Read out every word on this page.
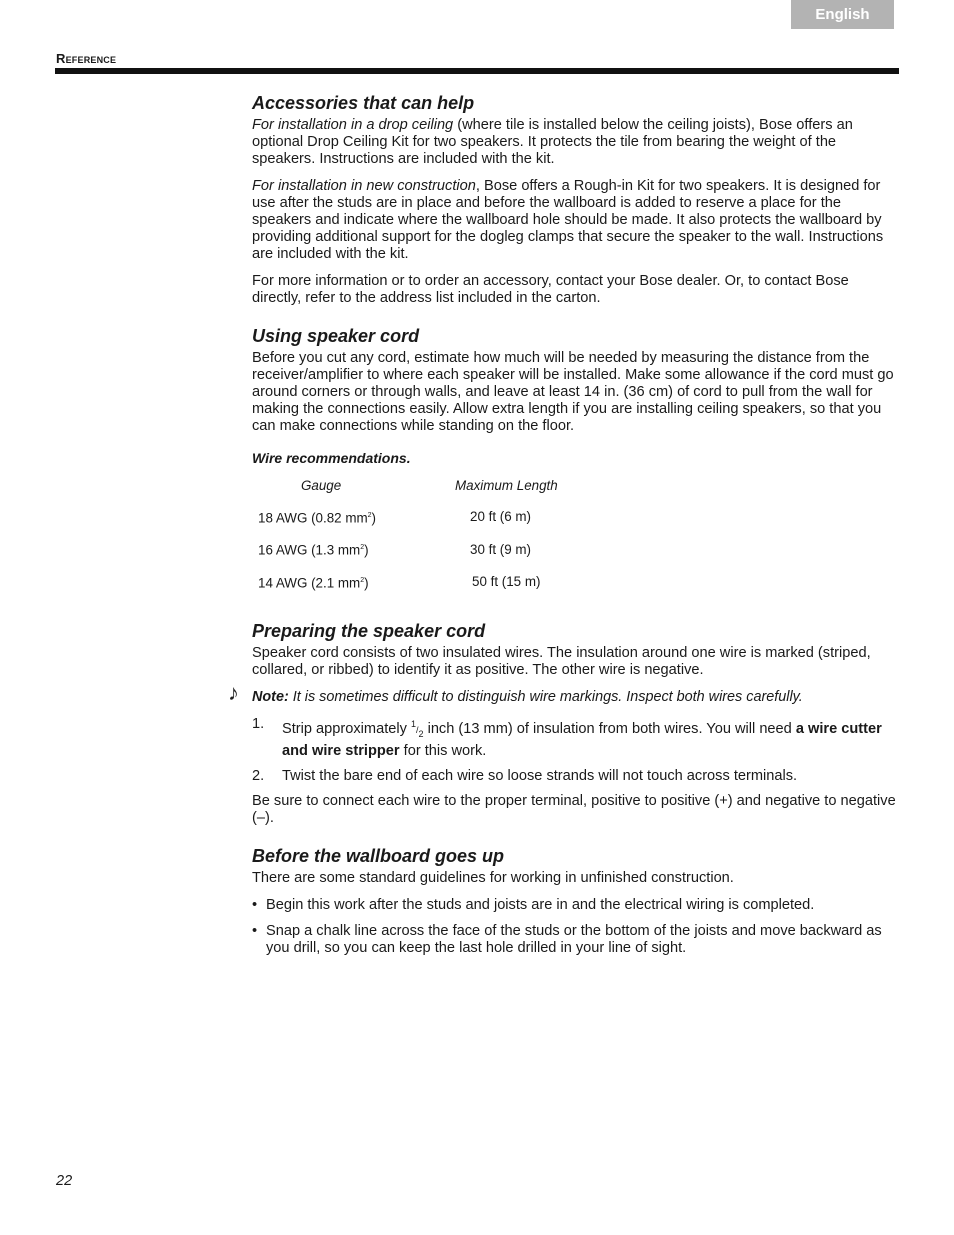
English
Reference
Accessories that can help

For installation in a drop ceiling (where tile is installed below the ceiling joists), Bose offers an optional Drop Ceiling Kit for two speakers. It protects the tile from bearing the weight of the speakers. Instructions are included with the kit.

For installation in new construction, Bose offers a Rough-in Kit for two speakers. It is designed for use after the studs are in place and before the wallboard is added to reserve a place for the speakers and indicate where the wallboard hole should be made. It also protects the wallboard by providing additional support for the dogleg clamps that secure the speaker to the wall. Instructions are included with the kit.

For more information or to order an accessory, contact your Bose dealer. Or, to contact Bose directly, refer to the address list included in the carton.

Using speaker cord

Before you cut any cord, estimate how much will be needed by measuring the distance from the receiver/amplifier to where each speaker will be installed. Make some allowance if the cord must go around corners or through walls, and leave at least 14 in. (36 cm) of cord to pull from the wall for making the connections easily. Allow extra length if you are installing ceiling speakers, so that you can make connections while standing on the floor.

Wire recommendations.
Gauge	Maximum Length
18 AWG (0.82 $mm^2$)	20 ft (6 m)
16 AWG (1.3 $mm^2$)	30 ft (9 m)
14 AWG (2.1 $mm^2$)	50 ft (15 m)
Preparing the speaker cord

Speaker cord consists of two insulated wires. The insulation around one wire is marked (striped, collared, or ribbed) to identify it as positive. The other wire is negative.

♪ Note: It is sometimes difficult to distinguish wire markings. Inspect both wires carefully.
1. Strip approximately $^1/_2$ inch (13 mm) of insulation from both wires. You will need a wire cutter and wire stripper for this work.
2. Twist the bare end of each wire so loose strands will not touch across terminals.

Be sure to connect each wire to the proper terminal, positive to positive (+) and negative to negative (–).

Before the wallboard goes up

There are some standard guidelines for working in unfinished construction.

• Begin this work after the studs and joists are in and the electrical wiring is completed.
• Snap a chalk line across the face of the studs or the bottom of the joists and move backward as you drill, so you can keep the last hole drilled in your line of sight.
22
